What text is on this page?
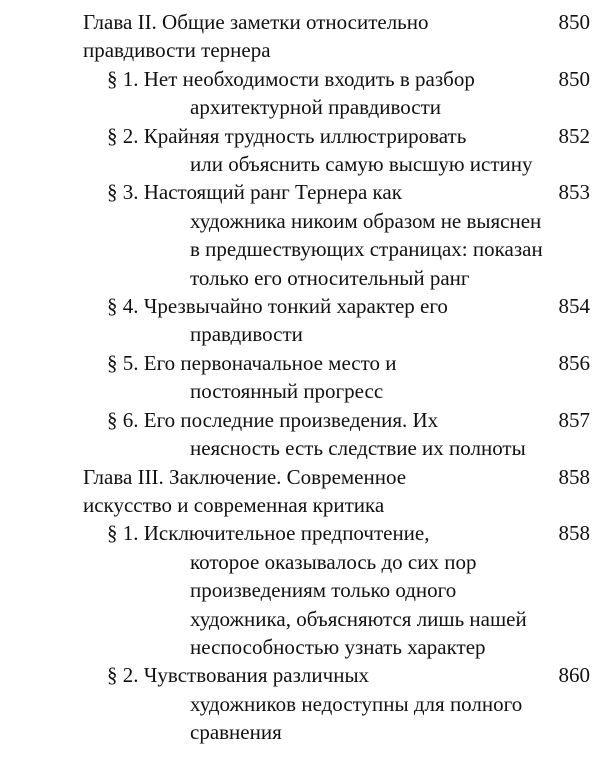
Глава II. Общие заметки относительно
правдивости тернера
850
§ 1. Нет необходимости входить в разбор
архитектурной правдивости
850
§ 2. Крайняя трудность иллюстрировать
или объяснить самую высшую истину
852
§ 3. Настоящий ранг Тернера как
художника никоим образом не выяснен
в предшествующих страницах: показан
только его относительный ранг
853
§ 4. Чрезвычайно тонкий характер его
правдивости
854
§ 5. Его первоначальное место и
постоянный прогресс
856
§ 6. Его последние произведения. Их
неясность есть следствие их полноты
857
Глава III. Заключение. Современное
искусство и современная критика
858
§ 1. Исключительное предпочтение,
которое оказывалось до сих пор
произведениям только одного
художника, объясняются лишь нашей
неспособностью узнать характер
858
§ 2. Чувствования различных
художников недоступны для полного
сравнения
860
